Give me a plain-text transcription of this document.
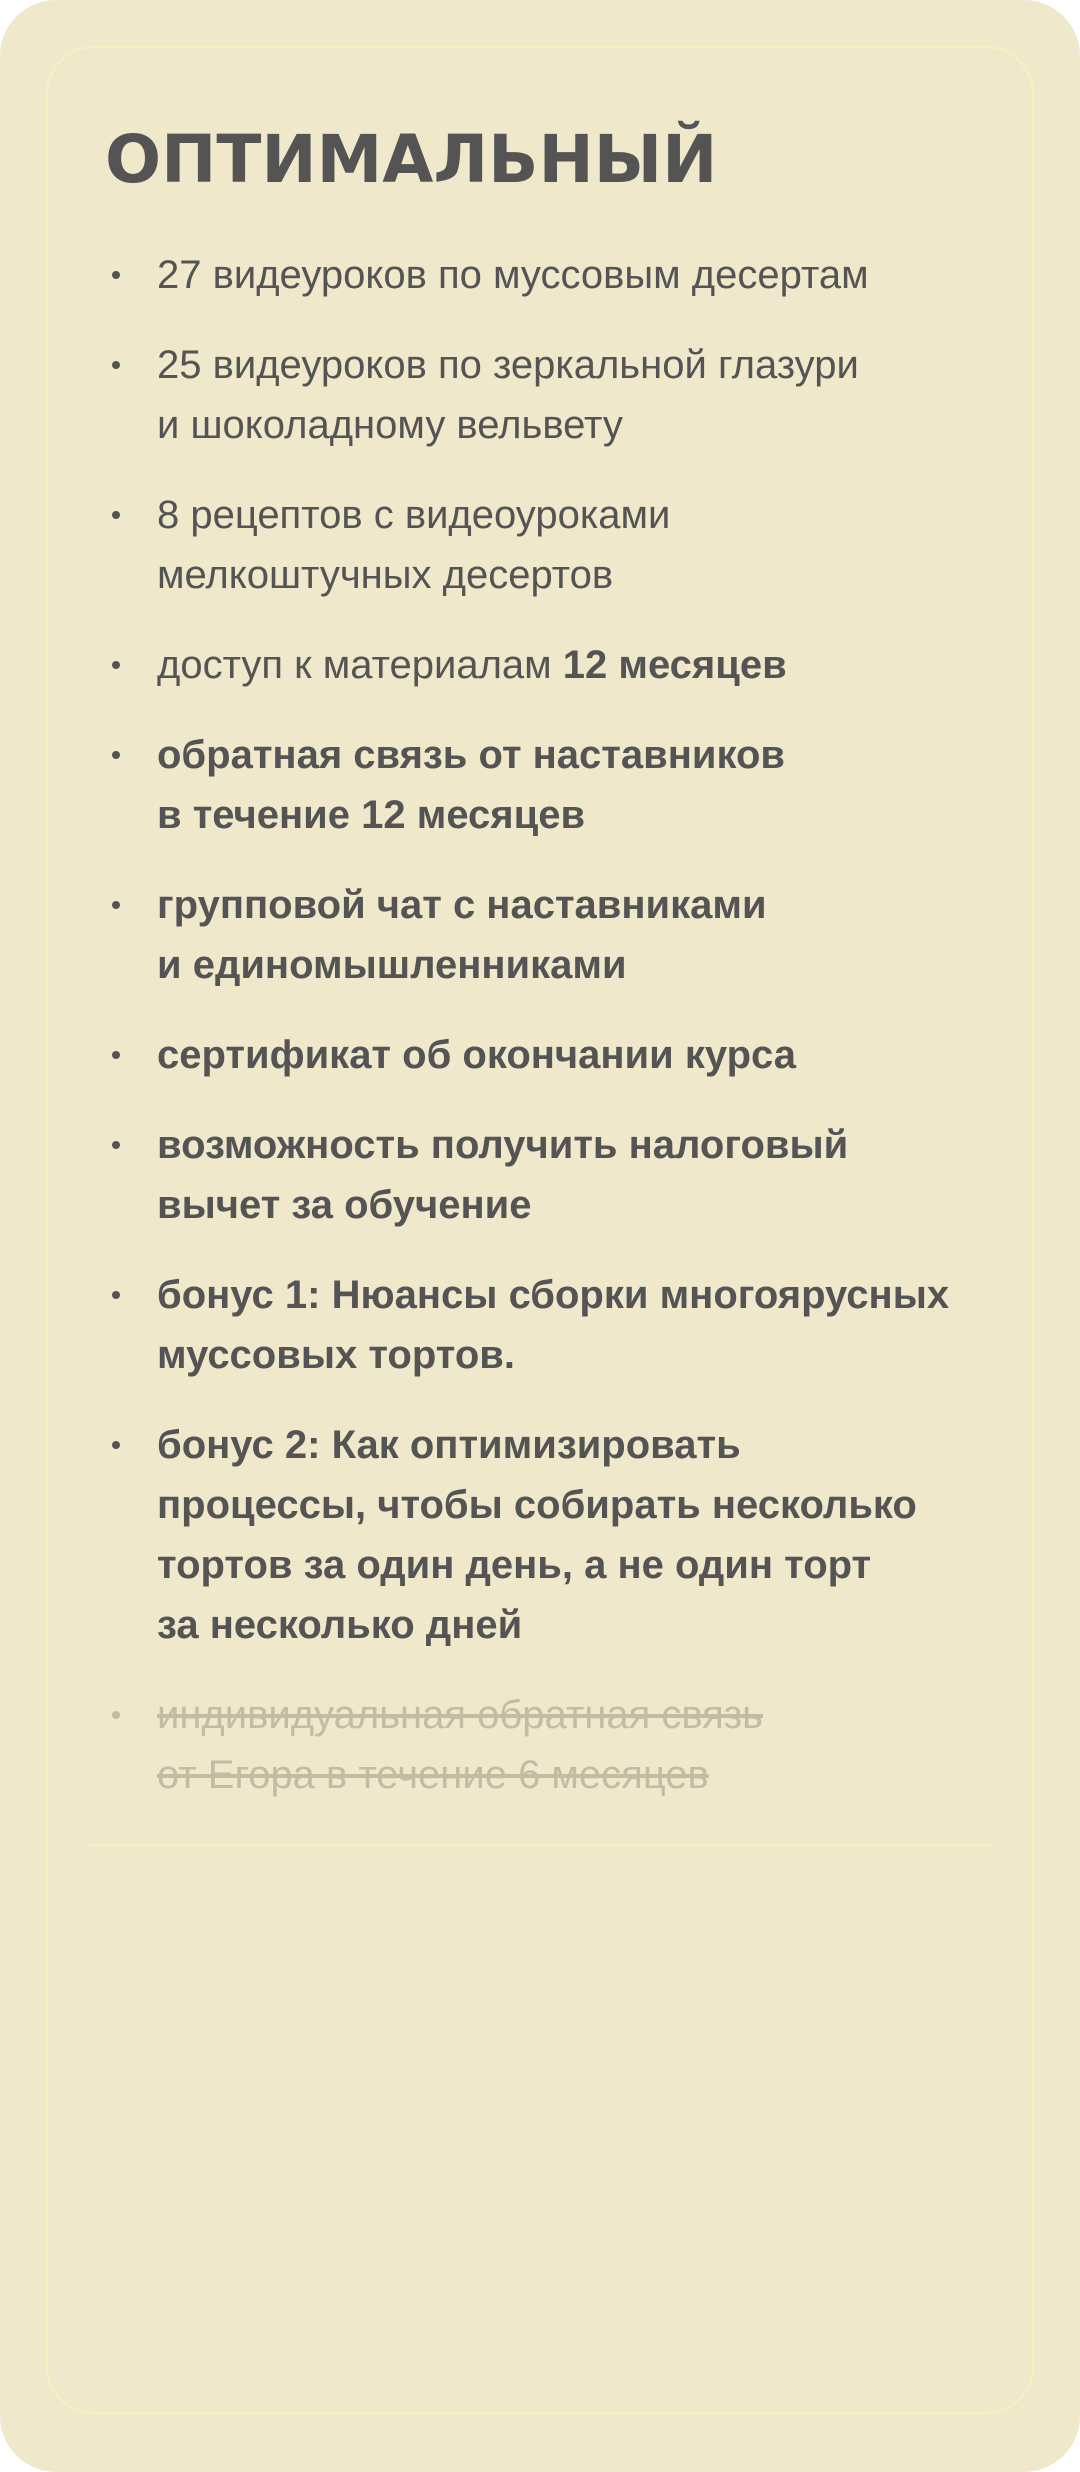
ОПТИМАЛЬНЫЙ
27 видеуроков по муссовым десертам
25 видеуроков по зеркальной глазури
и шоколадному вельвету
8 рецептов с видеоуроками
мелкоштучных десертов
доступ к материалам 12 месяцев
обратная связь от наставников
в течение 12 месяцев
групповой чат с наставниками
и единомышленниками
сертификат об окончании курса
возможность получить налоговый
вычет за обучение
бонус 1: Нюансы сборки многоярусных
муссовых тортов.
бонус 2: Как оптимизировать
процессы, чтобы собирать несколько
тортов за один день, а не один торт
за несколько дней
индивидуальная обратная связь
от Егора в течение 6 месяцев
